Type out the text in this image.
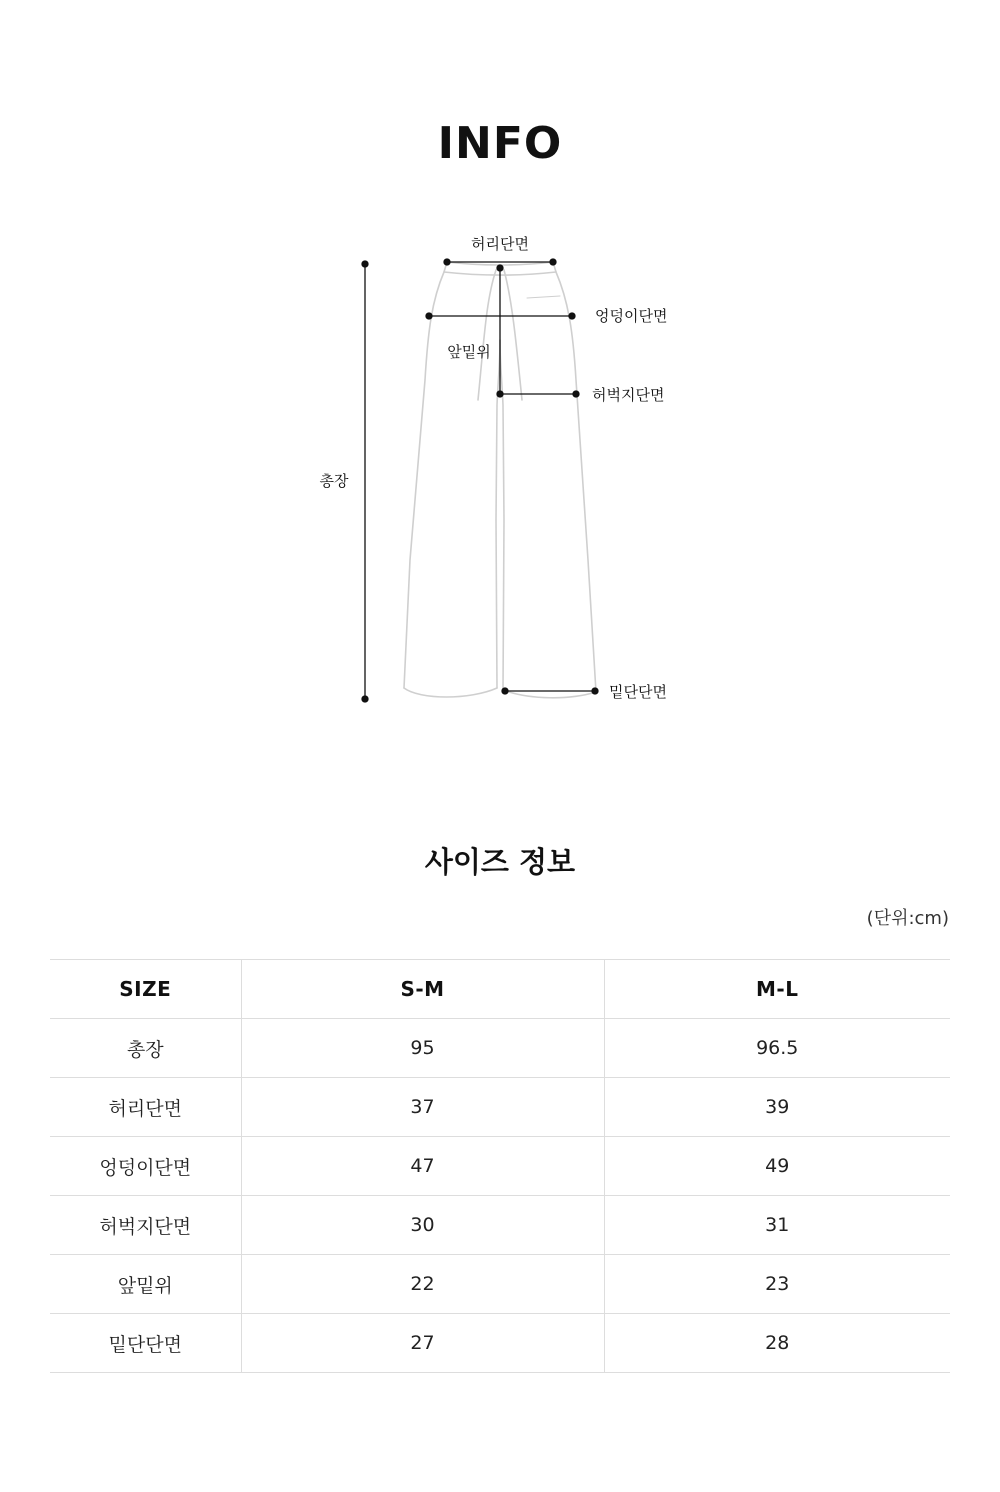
INFO
허리단면
엉덩이단면
앞밑위
허벅지단면
총장
밑단단면
사이즈 정보
(단위:cm)
SIZE	S-M	M-L
총장	95	96.5
허리단면	37	39
엉덩이단면	47	49
허벅지단면	30	31
앞밑위	22	23
밑단단면	27	28
